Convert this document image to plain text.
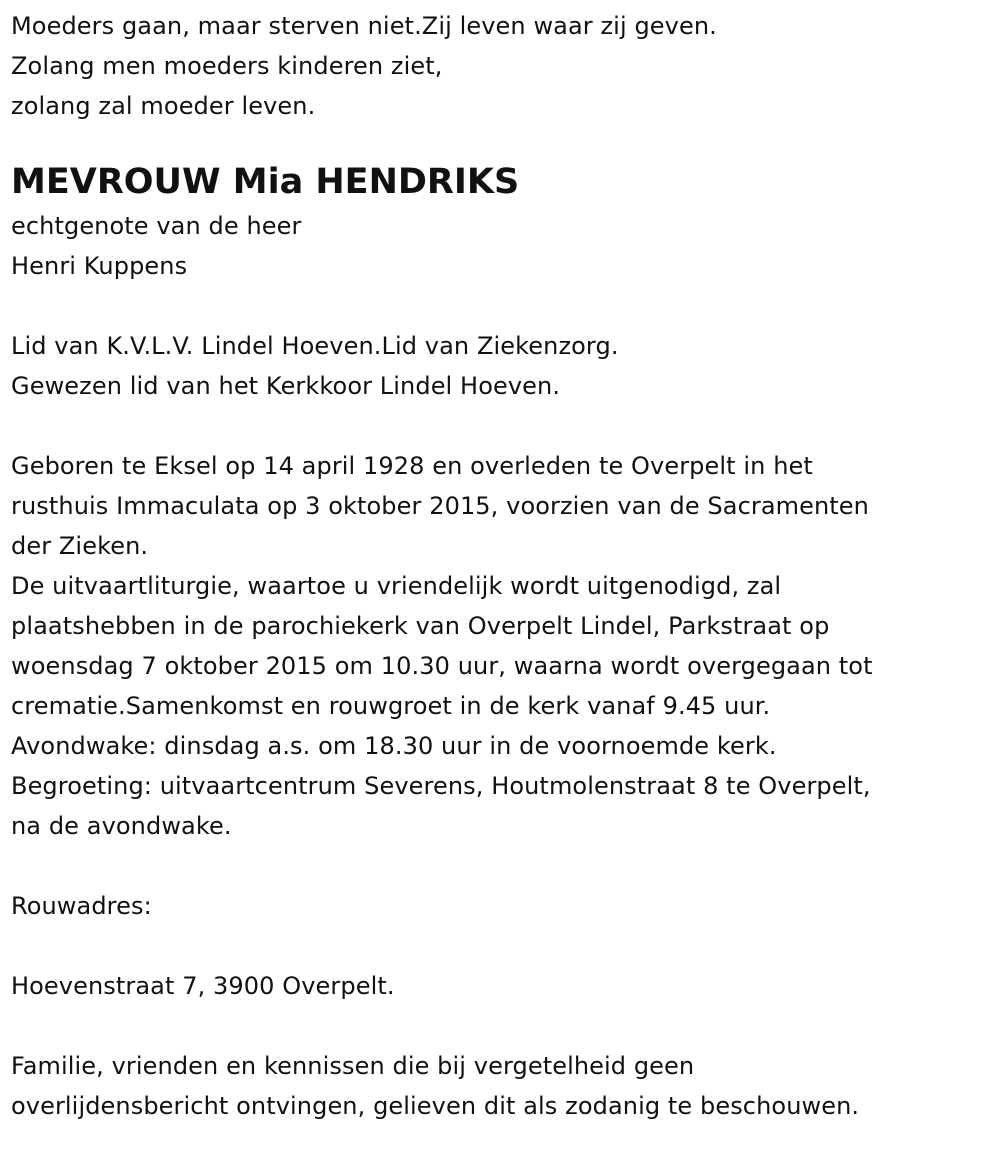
Moeders gaan, maar sterven niet.Zij leven waar zij geven.
Zolang men moeders kinderen ziet,
zolang zal moeder leven.
MEVROUW Mia HENDRIKS
echtgenote van de heer
Henri Kuppens
Lid van K.V.L.V. Lindel Hoeven.Lid van Ziekenzorg.
Gewezen lid van het Kerkkoor Lindel Hoeven.
Geboren te Eksel op 14 april 1928 en overleden te Overpelt in het
rusthuis Immaculata op 3 oktober 2015, voorzien van de Sacramenten
der Zieken.
De uitvaartliturgie, waartoe u vriendelijk wordt uitgenodigd, zal
plaatshebben in de parochiekerk van Overpelt Lindel, Parkstraat op
woensdag 7 oktober 2015 om 10.30 uur, waarna wordt overgegaan tot
crematie.Samenkomst en rouwgroet in de kerk vanaf 9.45 uur.
Avondwake: dinsdag a.s. om 18.30 uur in de voornoemde kerk.
Begroeting: uitvaartcentrum Severens, Houtmolenstraat 8 te Overpelt,
na de avondwake.
Rouwadres:
Hoevenstraat 7, 3900 Overpelt.
Familie, vrienden en kennissen die bij vergetelheid geen
overlijdensbericht ontvingen, gelieven dit als zodanig te beschouwen.
